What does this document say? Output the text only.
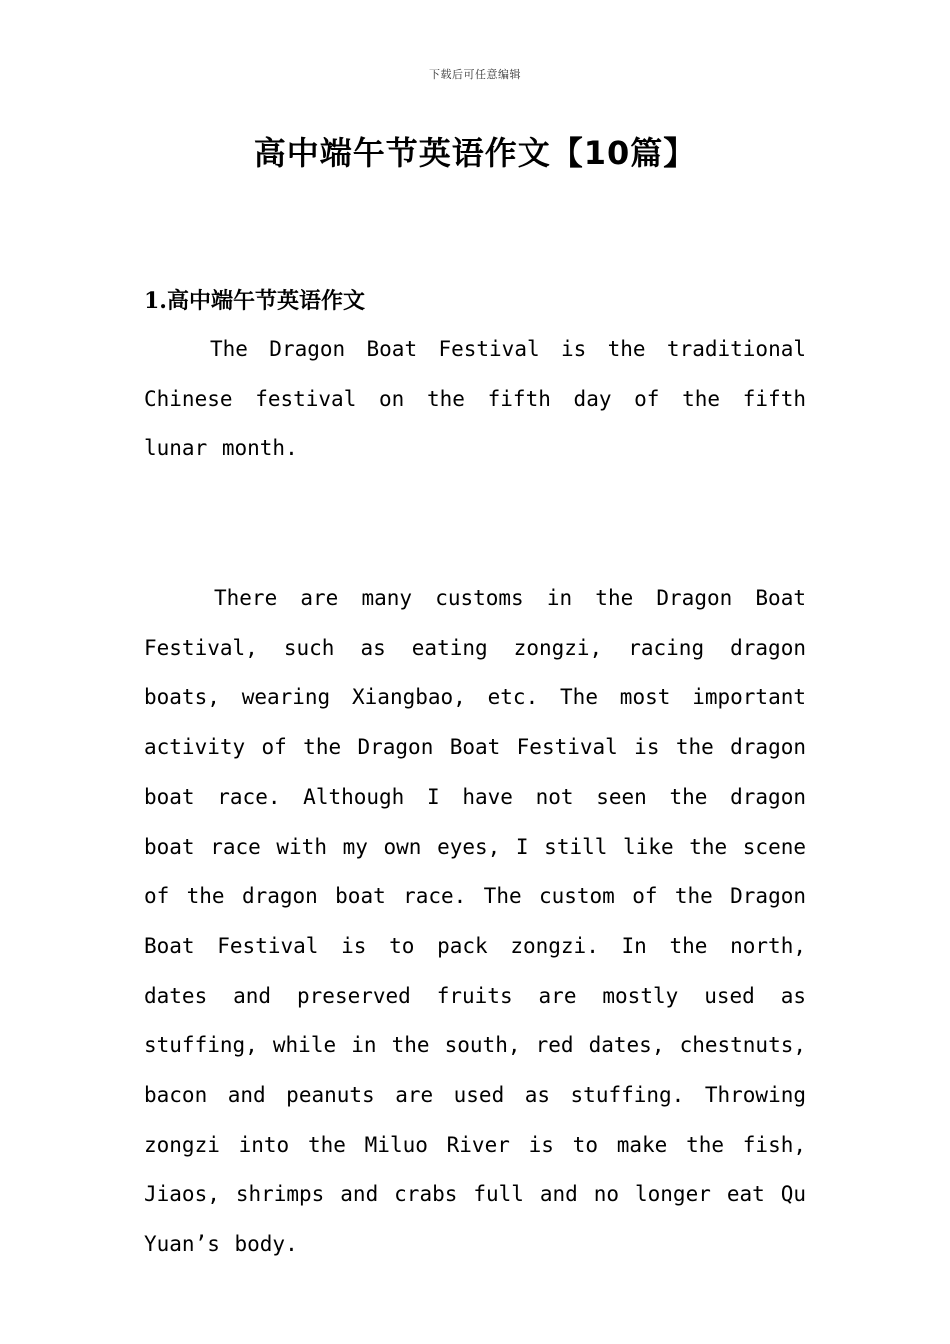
下载后可任意编辑
高中端午节英语作文【10篇】
1.高中端午节英语作文

The Dragon Boat Festival is the traditional Chinese festival on the fifth day of the fifth lunar month.

There are many customs in the Dragon Boat Festival, such as eating zongzi, racing dragon boats, wearing Xiangbao, etc. The most important activity of the Dragon Boat Festival is the dragon boat race. Although I have not seen the dragon boat race with my own eyes, I still like the scene of the dragon boat race. The custom of the Dragon Boat Festival is to pack zongzi. In the north, dates and preserved fruits are mostly used as stuffing, while in the south, red dates, chestnuts, bacon and peanuts are used as stuffing. Throwing zongzi into the Miluo River is to make the fish, Jiaos, shrimps and crabs full and no longer eat Qu Yuan’s body.
